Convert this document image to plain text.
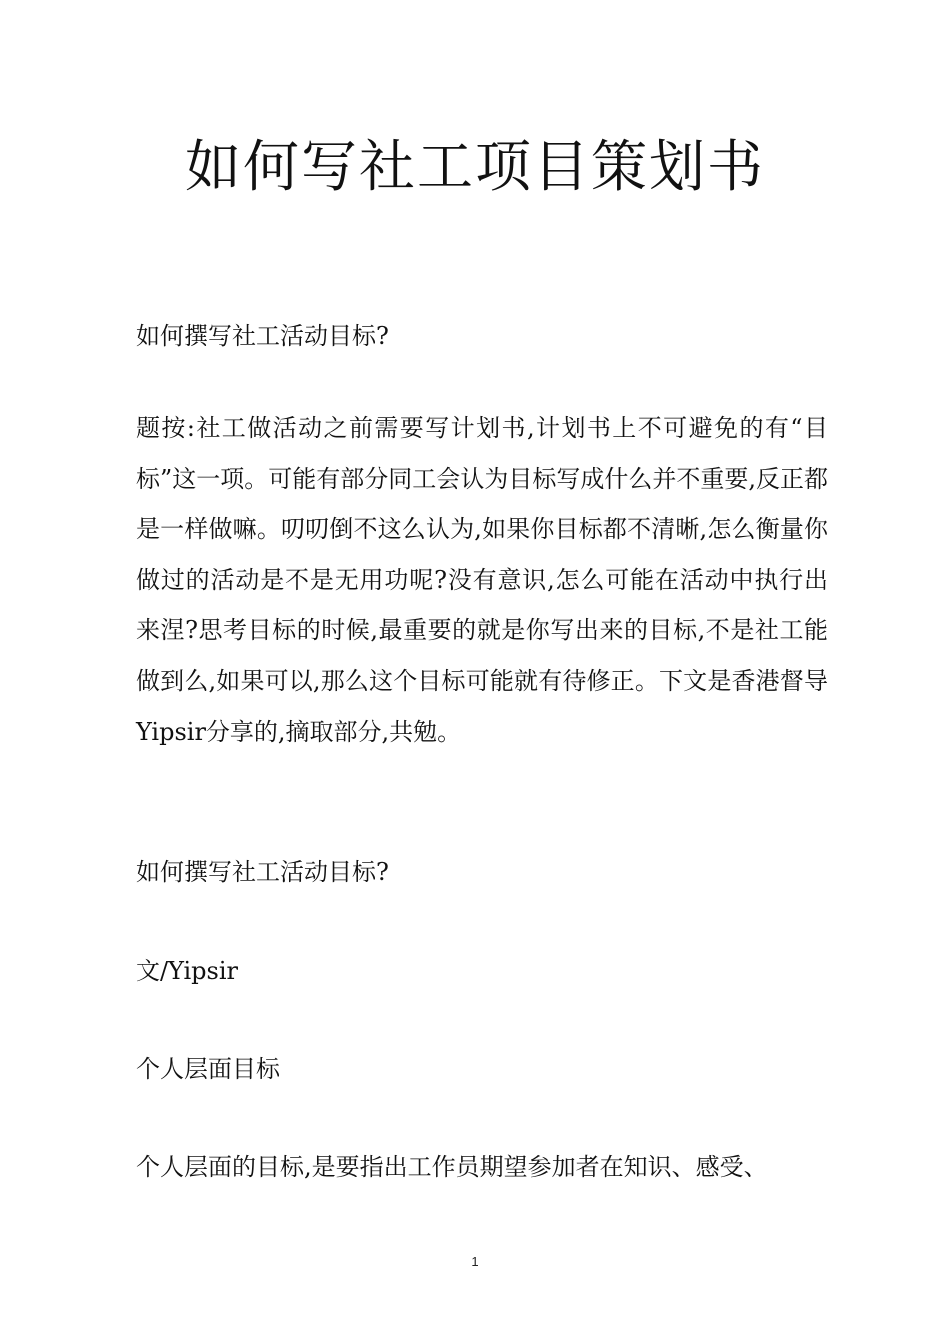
如何写社工项目策划书

如何撰写社工活动目标?

题按:社工做活动之前需要写计划书,计划书上不可避免的有“目标”这一项。可能有部分同工会认为目标写成什么并不重要,反正都是一样做嘛。叨叨倒不这么认为,如果你目标都不清晰,怎么衡量你做过的活动是不是无用功呢?没有意识,怎么可能在活动中执行出来涅?思考目标的时候,最重要的就是你写出来的目标,不是社工能做到么,如果可以,那么这个目标可能就有待修正。下文是香港督导Yipsir分享的,摘取部分,共勉。

如何撰写社工活动目标?

文/Yipsir

个人层面目标

个人层面的目标,是要指出工作员期望参加者在知识、感受、

1
